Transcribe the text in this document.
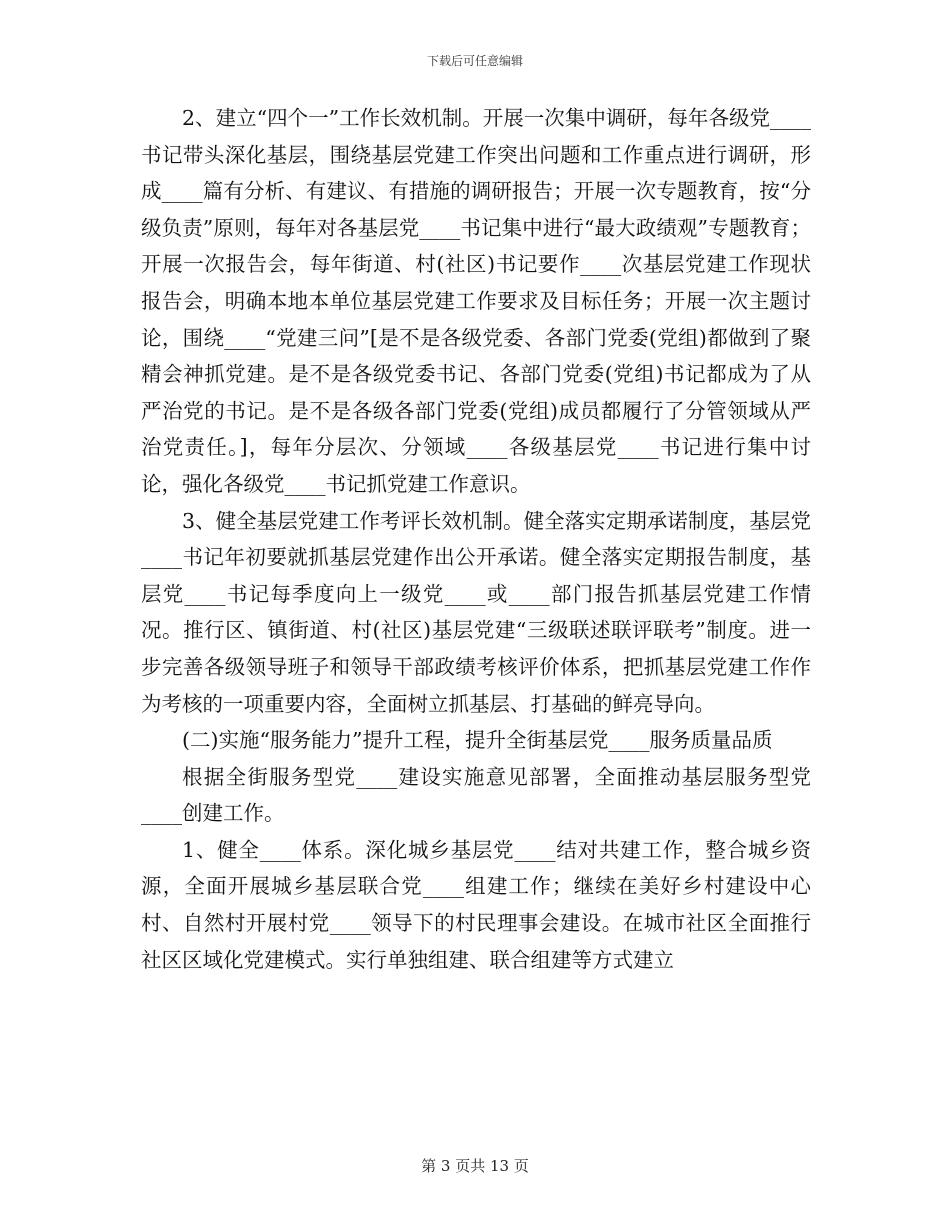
下载后可任意编辑

2、建立“四个一”工作长效机制。开展一次集中调研，每年各级党____书记带头深化基层，围绕基层党建工作突出问题和工作重点进行调研，形成____篇有分析、有建议、有措施的调研报告；开展一次专题教育，按“分级负责”原则，每年对各基层党____书记集中进行“最大政绩观”专题教育；开展一次报告会，每年街道、村(社区)书记要作____次基层党建工作现状报告会，明确本地本单位基层党建工作要求及目标任务；开展一次主题讨论，围绕____“党建三问”[是不是各级党委、各部门党委(党组)都做到了聚精会神抓党建。是不是各级党委书记、各部门党委(党组)书记都成为了从严治党的书记。是不是各级各部门党委(党组)成员都履行了分管领域从严治党责任。]，每年分层次、分领域____各级基层党____书记进行集中讨论，强化各级党____书记抓党建工作意识。

3、健全基层党建工作考评长效机制。健全落实定期承诺制度，基层党____书记年初要就抓基层党建作出公开承诺。健全落实定期报告制度，基层党____书记每季度向上一级党____或____部门报告抓基层党建工作情况。推行区、镇街道、村(社区)基层党建“三级联述联评联考”制度。进一步完善各级领导班子和领导干部政绩考核评价体系，把抓基层党建工作作为考核的一项重要内容，全面树立抓基层、打基础的鲜亮导向。

(二)实施“服务能力”提升工程，提升全街基层党____服务质量品质

根据全街服务型党____建设实施意见部署，全面推动基层服务型党____创建工作。

1、健全____体系。深化城乡基层党____结对共建工作，整合城乡资源，全面开展城乡基层联合党____组建工作；继续在美好乡村建设中心村、自然村开展村党____领导下的村民理事会建设。在城市社区全面推行社区区域化党建模式。实行单独组建、联合组建等方式建立

第 3 页共 13 页
